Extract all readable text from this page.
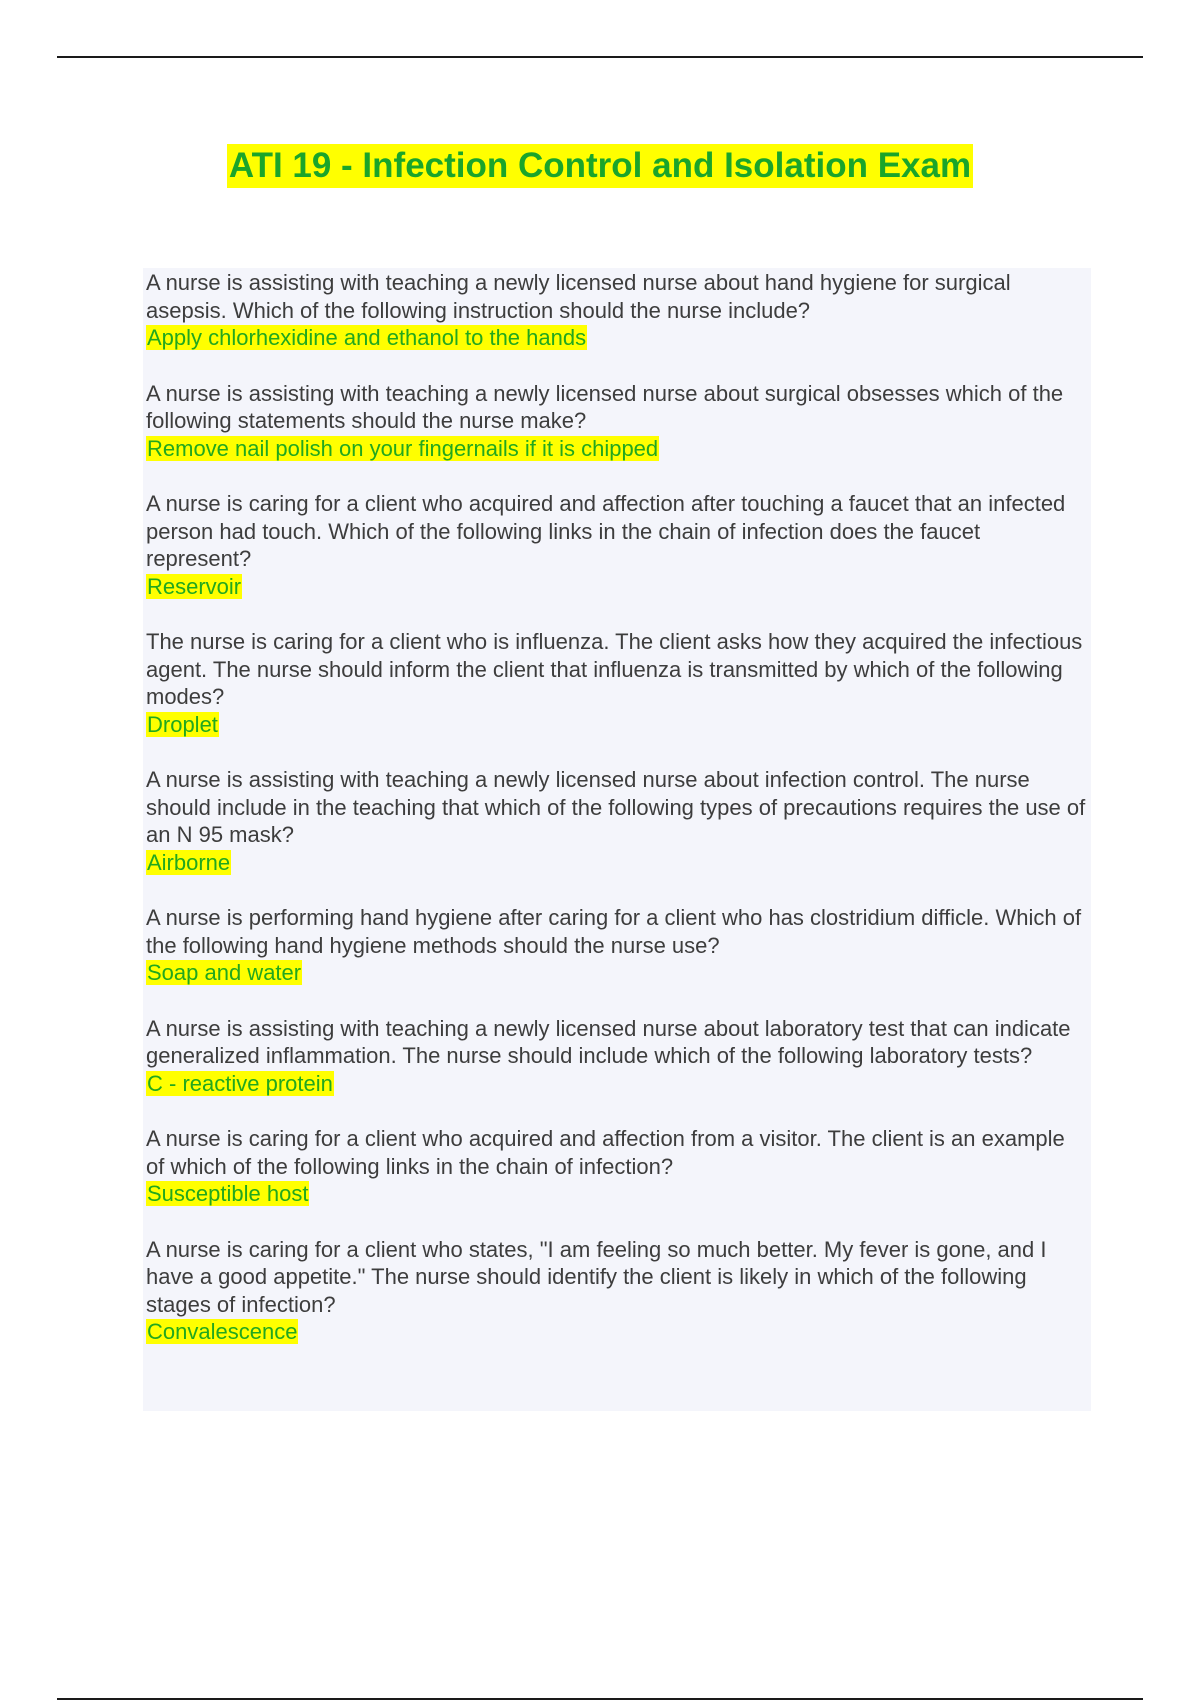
ATI 19 - Infection Control and Isolation Exam

A nurse is assisting with teaching a newly licensed nurse about hand hygiene for surgical asepsis. Which of the following instruction should the nurse include?

Apply chlorhexidine and ethanol to the hands

A nurse is assisting with teaching a newly licensed nurse about surgical obsesses which of the following statements should the nurse make?

Remove nail polish on your fingernails if it is chipped

A nurse is caring for a client who acquired and affection after touching a faucet that an infected person had touch. Which of the following links in the chain of infection does the faucet represent?

Reservoir

The nurse is caring for a client who is influenza. The client asks how they acquired the infectious agent. The nurse should inform the client that influenza is transmitted by which of the following modes?

Droplet

A nurse is assisting with teaching a newly licensed nurse about infection control. The nurse should include in the teaching that which of the following types of precautions requires the use of an N 95 mask?

Airborne

A nurse is performing hand hygiene after caring for a client who has clostridium difficle. Which of the following hand hygiene methods should the nurse use?

Soap and water

A nurse is assisting with teaching a newly licensed nurse about laboratory test that can indicate generalized inflammation. The nurse should include which of the following laboratory tests?

C - reactive protein

A nurse is caring for a client who acquired and affection from a visitor. The client is an example of which of the following links in the chain of infection?

Susceptible host

A nurse is caring for a client who states, "I am feeling so much better. My fever is gone, and I have a good appetite." The nurse should identify the client is likely in which of the following stages of infection?

Convalescence
